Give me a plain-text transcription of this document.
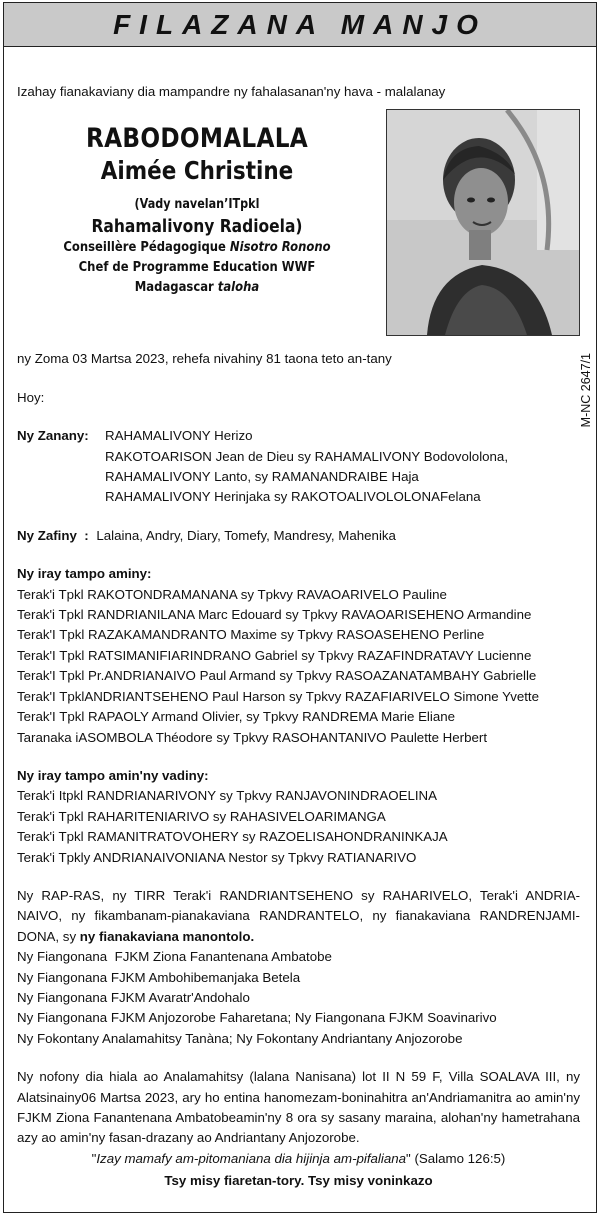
FILAZANA MANJO
Izahay fianakaviany dia mampandre ny fahalasanan'ny hava - malalanay
RABODOMALALA
Aimée Christine
(Vady navelan’ITpkl
Rahamalivony Radioela)
Conseillère Pédagogique Nisotro Ronono
Chef de Programme Education WWF
Madagascar taloha
ny Zoma 03 Martsa 2023, rehefa nivahiny 81 taona teto an-tany
Hoy:
Ny Zanany:	RAHAMALIVONY Herizo
RAKOTOARISON Jean de Dieu sy RAHAMALIVONY Bodovololona,
RAHAMALIVONY Lanto, sy RAMANANDRAIBE Haja
RAHAMALIVONY Herinjaka sy RAKOTOALIVOLOLONAFelana
Ny Zafiny  : Lalaina, Andry, Diary, Tomefy, Mandresy, Mahenika
Ny iray tampo aminy:
Terak'i Tpkl RAKOTONDRAMANANA sy Tpkvy RAVAOARIVELO Pauline
Terak'i Tpkl RANDRIANILANA Marc Edouard sy Tpkvy RAVAOARISEHENO Armandine
Terak'I Tpkl RAZAKAMANDRANTO Maxime sy Tpkvy RASOASEHENO Perline
Terak'I Tpkl RATSIMANIFIARINDRANO Gabriel sy Tpkvy RAZAFINDRATAVY Lucienne
Terak'I Tpkl Pr.ANDRIANAIVO Paul Armand sy Tpkvy RASOAZANATAMBAHY Gabrielle
Terak'I TpklANDRIANTSEHENO Paul Harson sy Tpkvy RAZAFIARIVELO Simone Yvette
Terak'I Tpkl RAPAOLY Armand Olivier, sy Tpkvy RANDREMA Marie Eliane
Taranaka iASOMBOLA Théodore sy Tpkvy RASOHANTANIVO Paulette Herbert
Ny iray tampo amin'ny vadiny:
Terak'i Itpkl RANDRIANARIVONY sy Tpkvy RANJAVONINDRAOELINA
Terak'i Tpkl RAHARITENIARIVO sy RAHASIVELOARIMANGA
Terak'i Tpkl RAMANITRATOVOHERY sy RAZOELISAHONDRANINKAJA
Terak'i Tpkly ANDRIANAIVONIANA Nestor sy Tpkvy RATIANARIVO
Ny RAP-RAS, ny TIRR Terak'i RANDRIANTSEHENO sy RAHARIVELO, Terak'i ANDRIA-NAIVO, ny fikambanam-pianakaviana RANDRANTELO, ny fianakaviana RANDRENJAMI-DONA, sy ny fianakaviana manontolo.
Ny Fiangonana  FJKM Ziona Fanantenana Ambatobe
Ny Fiangonana FJKM Ambohibemanjaka Betela
Ny Fiangonana FJKM Avaratr'Andohalo
Ny Fiangonana FJKM Anjozorobe Faharetana; Ny Fiangonana FJKM Soavinarivo
Ny Fokontany Analamahitsy Tanàna; Ny Fokontany Andriantany Anjozorobe
Ny nofony dia hiala ao Analamahitsy (lalana Nanisana) lot II N 59 F, Villa SOALAVA III, ny Alatsinainy06 Martsa 2023, ary ho entina hanomezam-boninahitra an'Andriamanitra ao amin'ny FJKM Ziona Fanantenana Ambatobeamin'ny 8 ora sy sasany maraina, alohan'ny hametrahana azy ao amin'ny fasan-drazany ao Andriantany Anjozorobe.
"Izay mamafy am-pitomaniana dia hijinja am-pifaliana" (Salamo 126:5)
Tsy misy fiaretan-tory. Tsy misy voninkazo
M-NC 2647/1
